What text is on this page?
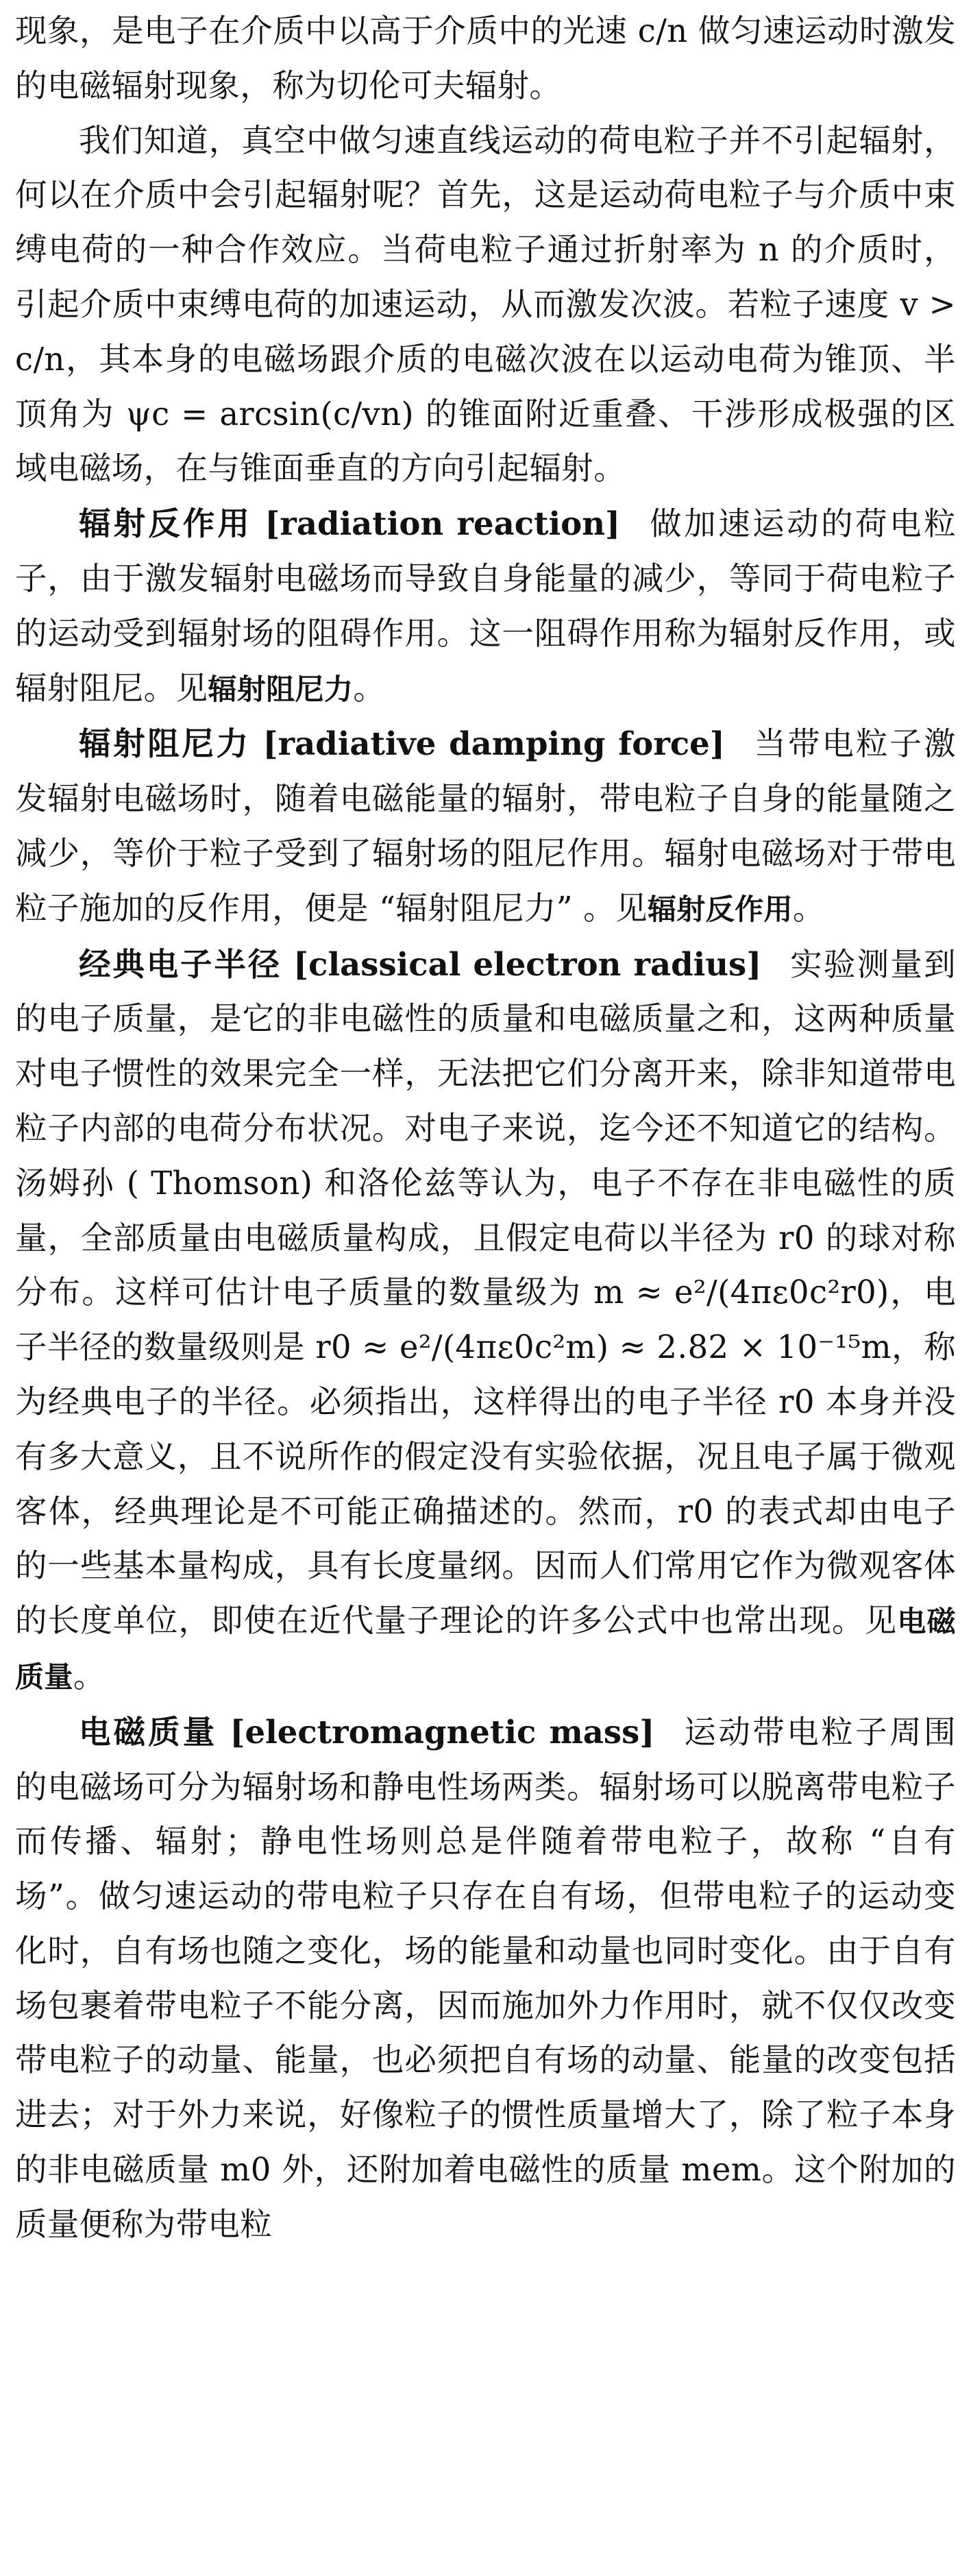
现象，是电子在介质中以高于介质中的光速 c/n 做匀速运动时激发的电磁辐射现象，称为切伦可夫辐射。

我们知道，真空中做匀速直线运动的荷电粒子并不引起辐射，何以在介质中会引起辐射呢？首先，这是运动荷电粒子与介质中束缚电荷的一种合作效应。当荷电粒子通过折射率为 n 的介质时，引起介质中束缚电荷的加速运动，从而激发次波。若粒子速度 v > c/n，其本身的电磁场跟介质的电磁次波在以运动电荷为锥顶、半顶角为 ψc = arcsin(c/vn) 的锥面附近重叠、干涉形成极强的区域电磁场，在与锥面垂直的方向引起辐射。

辐射反作用 [radiation reaction] 做加速运动的荷电粒子，由于激发辐射电磁场而导致自身能量的减少，等同于荷电粒子的运动受到辐射场的阻碍作用。这一阻碍作用称为辐射反作用，或辐射阻尼。见辐射阻尼力。

辐射阻尼力 [radiative damping force] 当带电粒子激发辐射电磁场时，随着电磁能量的辐射，带电粒子自身的能量随之减少，等价于粒子受到了辐射场的阻尼作用。辐射电磁场对于带电粒子施加的反作用，便是 “辐射阻尼力” 。见辐射反作用。

经典电子半径 [classical electron radius] 实验测量到的电子质量，是它的非电磁性的质量和电磁质量之和，这两种质量对电子惯性的效果完全一样，无法把它们分离开来，除非知道带电粒子内部的电荷分布状况。对电子来说，迄今还不知道它的结构。汤姆孙 ( Thomson) 和洛伦兹等认为，电子不存在非电磁性的质量，全部质量由电磁质量构成，且假定电荷以半径为 r0 的球对称分布。这样可估计电子质量的数量级为 m ≈ e²/(4πε0c²r0)，电子半径的数量级则是 r0 ≈ e²/(4πε0c²m) ≈ 2.82 × 10⁻¹⁵m，称为经典电子的半径。必须指出，这样得出的电子半径 r0 本身并没有多大意义，且不说所作的假定没有实验依据，况且电子属于微观客体，经典理论是不可能正确描述的。然而，r0 的表式却由电子的一些基本量构成，具有长度量纲。因而人们常用它作为微观客体的长度单位，即使在近代量子理论的许多公式中也常出现。见电磁质量。

电磁质量 [electromagnetic mass] 运动带电粒子周围的电磁场可分为辐射场和静电性场两类。辐射场可以脱离带电粒子而传播、辐射；静电性场则总是伴随着带电粒子，故称 “自有场”。做匀速运动的带电粒子只存在自有场，但带电粒子的运动变化时，自有场也随之变化，场的能量和动量也同时变化。由于自有场包裹着带电粒子不能分离，因而施加外力作用时，就不仅仅改变带电粒子的动量、能量，也必须把自有场的动量、能量的改变包括进去；对于外力来说，好像粒子的惯性质量增大了，除了粒子本身的非电磁质量 m0 外，还附加着电磁性的质量 mem。这个附加的质量便称为带电粒
